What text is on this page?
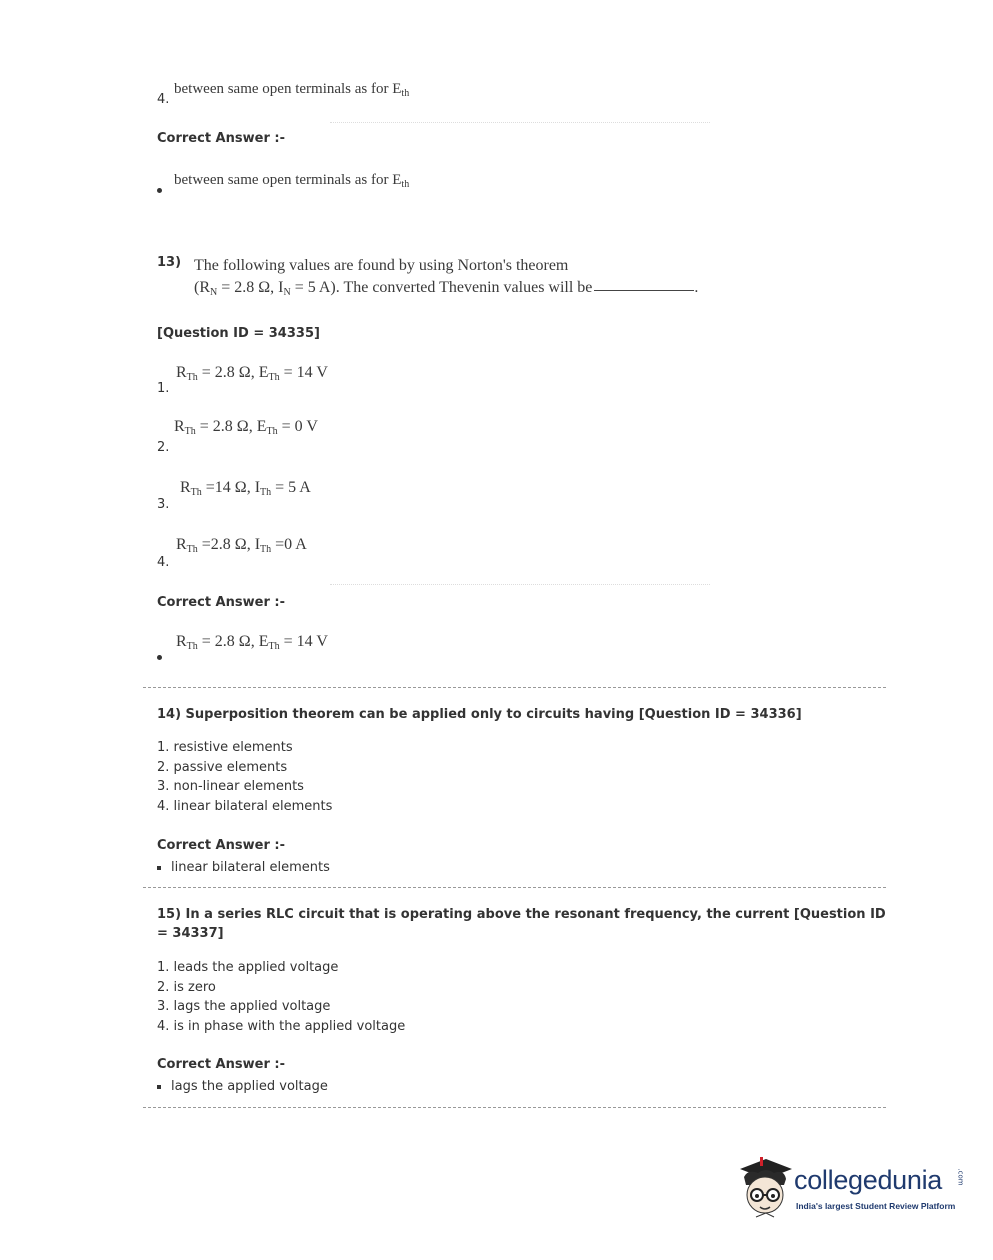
4.
between same open terminals as for $E_{th}$
Correct Answer :-
between same open terminals as for $E_{th}$
13) The following values are found by using Norton's theorem
($R_N = 2.8$ Ω, $I_N = 5$ A). The converted Thevenin values will be	.
[Question ID = 34335]
$R_{Th} = 2.8$ Ω, $E_{Th} = 14$ V
1.
$R_{Th} = 2.8$ Ω, $E_{Th} = 0$ V
2.
$R_{Th} =14$ Ω, $I_{Th} = 5$ A
3.
$R_{Th} =2.8$ Ω, $I_{Th} =0$ A
4.
Correct Answer :-
$R_{Th} = 2.8$ Ω, $E_{Th} = 14$ V
14) Superposition theorem can be applied only to circuits having [Question ID = 34336]
1. resistive elements
2. passive elements
3. non-linear elements
4. linear bilateral elements
Correct Answer :-
linear bilateral elements
15) In a series RLC circuit that is operating above the resonant frequency, the current [Question ID
= 34337]
1. leads the applied voltage
2. is zero
3. lags the applied voltage
4. is in phase with the applied voltage
Correct Answer :-
lags the applied voltage
collegedunia .com
India's largest Student Review Platform
